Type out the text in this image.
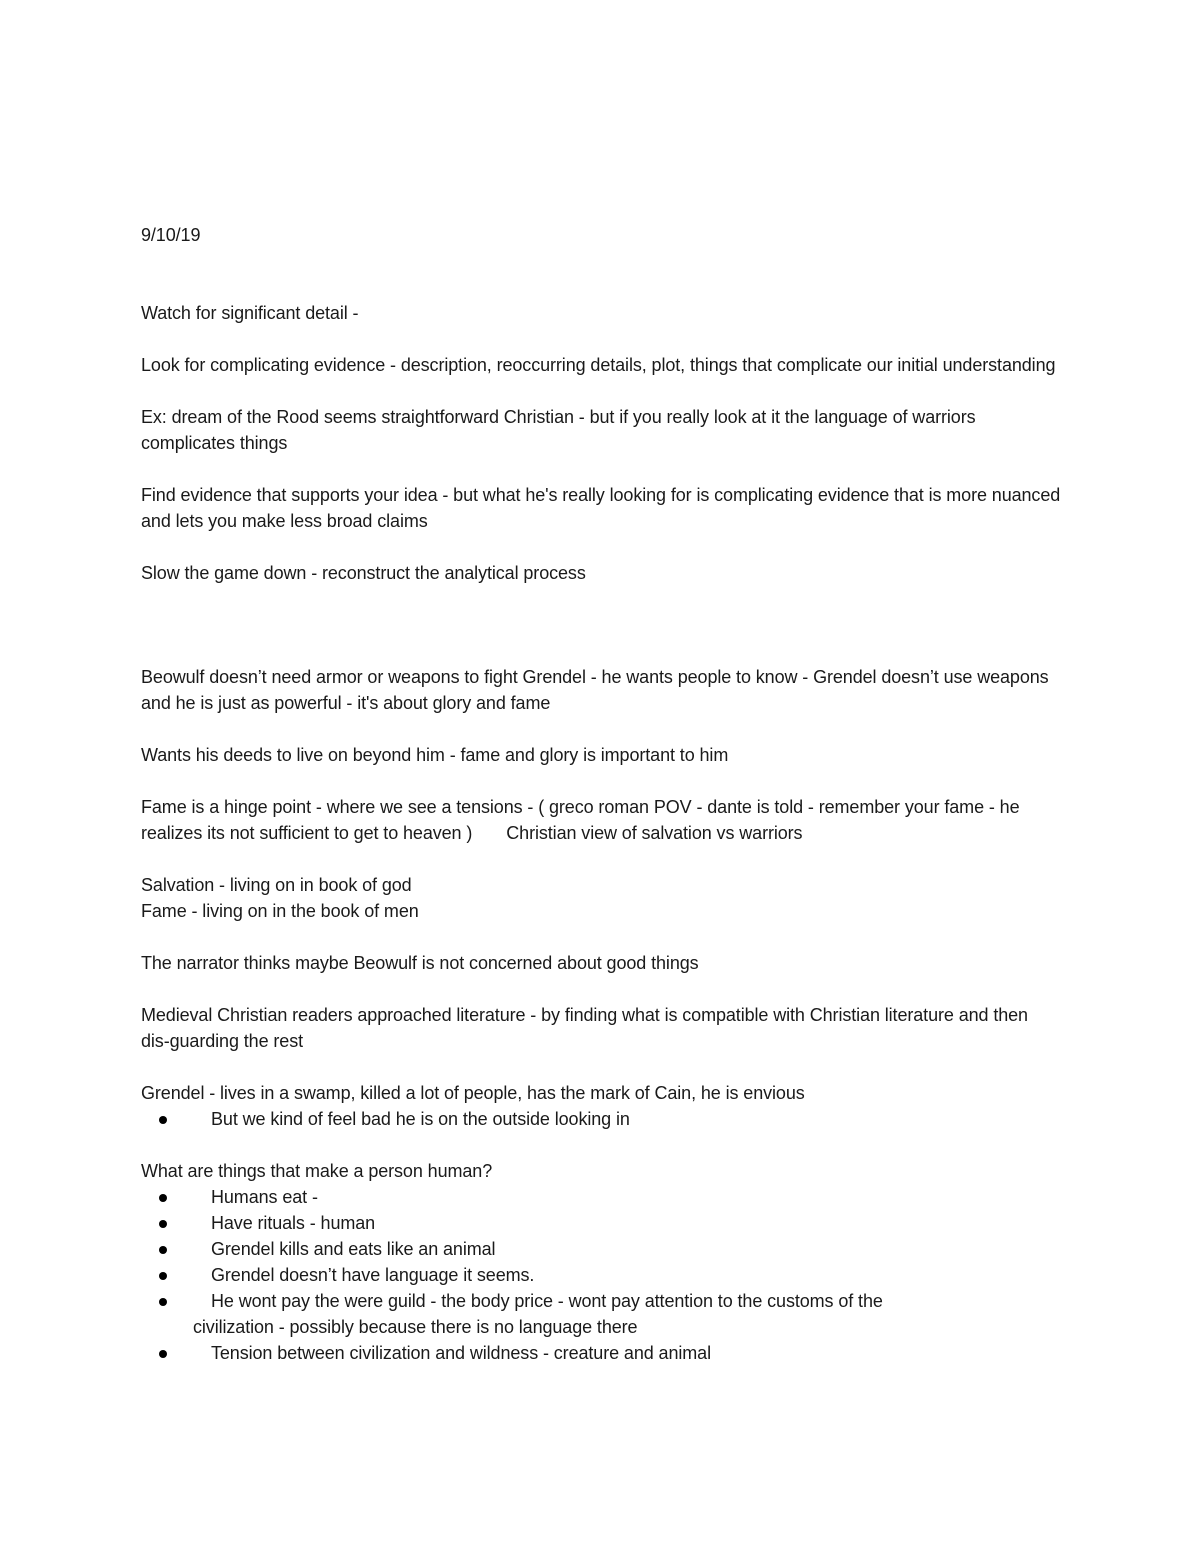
9/10/19

Watch for significant detail -

Look for complicating evidence - description, reoccurring details, plot, things that complicate our initial understanding

Ex: dream of the Rood seems straightforward Christian - but if you really look at it the language of warriors complicates things

Find evidence that supports your idea - but what he's really looking for is complicating evidence that is more nuanced and lets you make less broad claims

Slow the game down - reconstruct the analytical process

Beowulf doesn’t need armor or weapons to fight Grendel - he wants people to know - Grendel doesn’t use weapons and he is just as powerful - it's about glory and fame

Wants his deeds to live on beyond him - fame and glory is important to him

Fame is a hinge point - where we see a tensions - ( greco roman POV - dante is told - remember your fame - he realizes its not sufficient to get to heaven ) Christian view of salvation vs warriors

Salvation - living on in book of god

Fame - living on in the book of men

The narrator thinks maybe Beowulf is not concerned about good things

Medieval Christian readers approached literature - by finding what is compatible with Christian literature and then dis-guarding the rest

Grendel - lives in a swamp, killed a lot of people, has the mark of Cain, he is envious

But we kind of feel bad he is on the outside looking in

What are things that make a person human?

Humans eat -
Have rituals - human
Grendel kills and eats like an animal
Grendel doesn’t have language it seems.
He wont pay the were guild - the body price - wont pay attention to the customs of the
civilization - possibly because there is no language there
Tension between civilization and wildness - creature and animal
